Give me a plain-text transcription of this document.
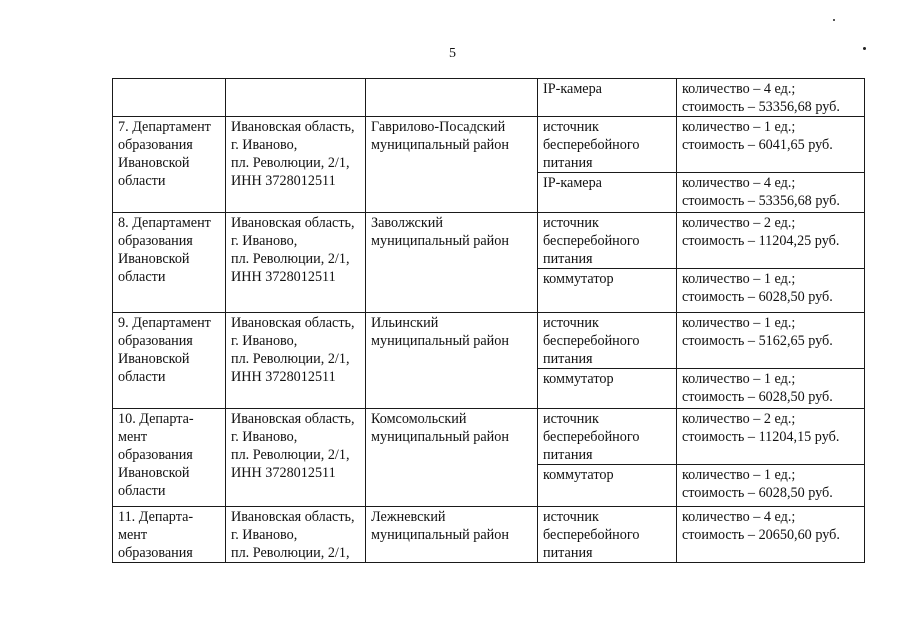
5
			IP-камера	количество – 4 ед.;
стоимость – 53356,68 руб.
7. Департамент
образования
Ивановской
области	Ивановская область,
г. Иваново,
пл. Революции, 2/1,
ИНН 3728012511	Гаврилово-Посадский
муниципальный район	источник
бесперебойного
питания	количество – 1 ед.;
стоимость – 6041,65 руб.
			IP-камера	количество – 4 ед.;
стоимость – 53356,68 руб.
8. Департамент
образования
Ивановской
области	Ивановская область,
г. Иваново,
пл. Революции, 2/1,
ИНН 3728012511	Заволжский
муниципальный район	источник
бесперебойного
питания	количество – 2 ед.;
стоимость – 11204,25 руб.
			коммутатор	количество – 1 ед.;
стоимость – 6028,50 руб.
9. Департамент
образования
Ивановской
области	Ивановская область,
г. Иваново,
пл. Революции, 2/1,
ИНН 3728012511	Ильинский
муниципальный район	источник
бесперебойного
питания	количество – 1 ед.;
стоимость – 5162,65 руб.
			коммутатор	количество – 1 ед.;
стоимость – 6028,50 руб.
10. Департа-
мент
образования
Ивановской
области	Ивановская область,
г. Иваново,
пл. Революции, 2/1,
ИНН 3728012511	Комсомольский
муниципальный район	источник
бесперебойного
питания	количество – 2 ед.;
стоимость – 11204,15 руб.
			коммутатор	количество – 1 ед.;
стоимость – 6028,50 руб.
11. Департа-
мент
образования	Ивановская область,
г. Иваново,
пл. Революции, 2/1,	Лежневский
муниципальный район	источник
бесперебойного
питания	количество – 4 ед.;
стоимость – 20650,60 руб.
